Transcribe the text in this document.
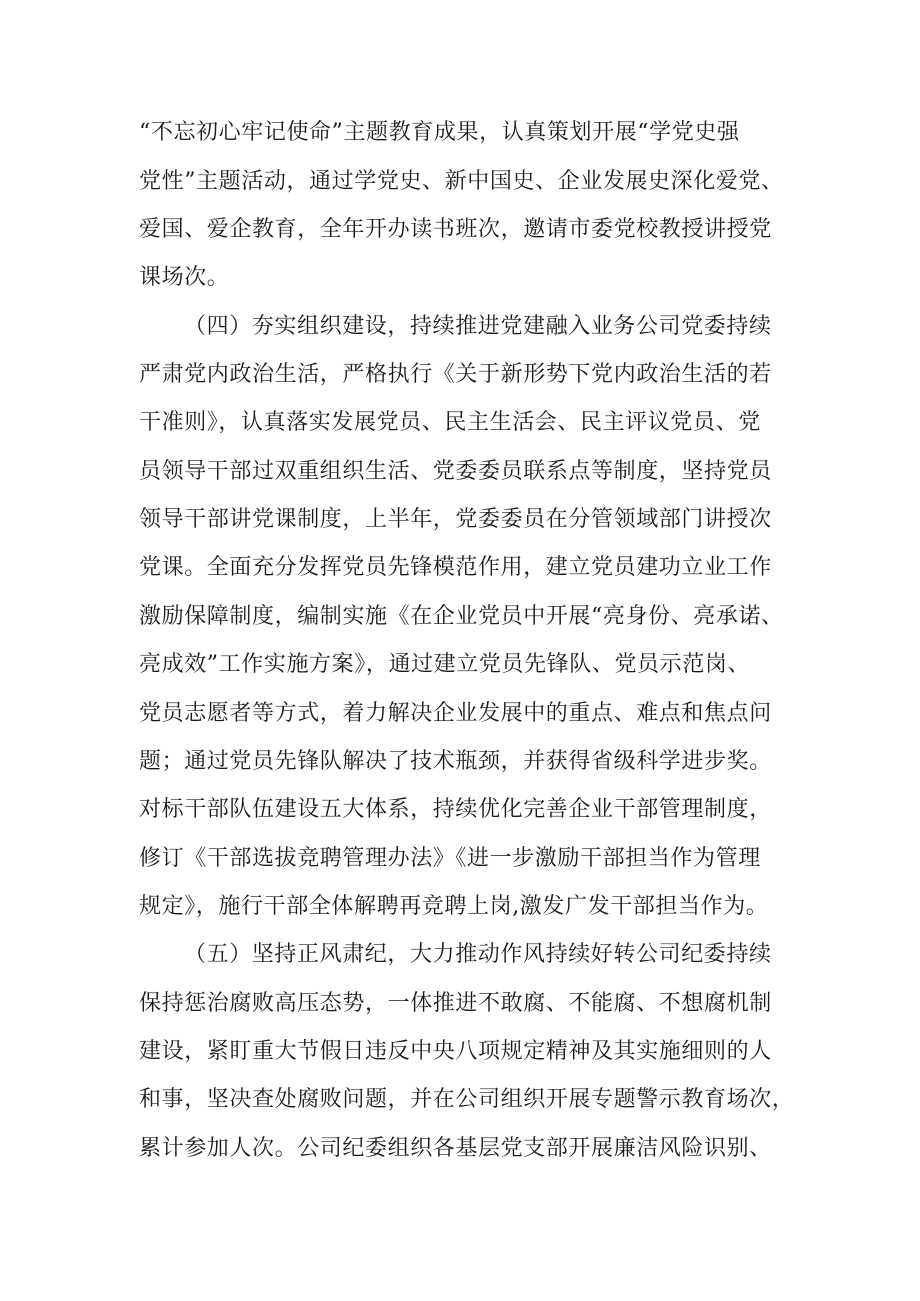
“不忘初心牢记使命”主题教育成果，认真策划开展“学党史强
党性”主题活动，通过学党史、新中国史、企业发展史深化爱党、
爱国、爱企教育，全年开办读书班次，邀请市委党校教授讲授党
课场次。
（四）夯实组织建设，持续推进党建融入业务公司党委持续
严肃党内政治生活，严格执行《关于新形势下党内政治生活的若
干准则》，认真落实发展党员、民主生活会、民主评议党员、党
员领导干部过双重组织生活、党委委员联系点等制度，坚持党员
领导干部讲党课制度，上半年，党委委员在分管领域部门讲授次
党课。全面充分发挥党员先锋模范作用，建立党员建功立业工作
激励保障制度，编制实施《在企业党员中开展“亮身份、亮承诺、
亮成效”工作实施方案》，通过建立党员先锋队、党员示范岗、
党员志愿者等方式，着力解决企业发展中的重点、难点和焦点问
题；通过党员先锋队解决了技术瓶颈，并获得省级科学进步奖。
对标干部队伍建设五大体系，持续优化完善企业干部管理制度，
修订《干部选拔竞聘管理办法》《进一步激励干部担当作为管理
规定》，施行干部全体解聘再竞聘上岗,激发广发干部担当作为。
（五）坚持正风肃纪，大力推动作风持续好转公司纪委持续
保持惩治腐败高压态势，一体推进不敢腐、不能腐、不想腐机制
建设，紧盯重大节假日违反中央八项规定精神及其实施细则的人
和事，坚决查处腐败问题，并在公司组织开展专题警示教育场次，
累计参加人次。公司纪委组织各基层党支部开展廉洁风险识别、
